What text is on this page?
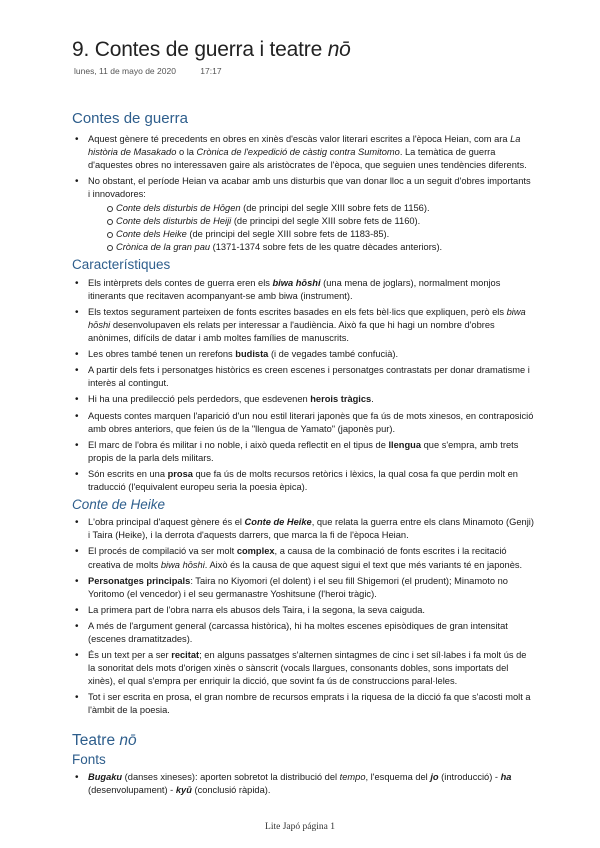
9. Contes de guerra i teatre nō
lunes, 11 de mayo de 2020	17:17
Contes de guerra
• Aquest gènere té precedents en obres en xinès d'escàs valor literari escrites a l'època Heian, com ara La història de Masakado o la Crònica de l'expedició de càstig contra Sumitomo. La temàtica de guerra d'aquestes obres no interessaven gaire als aristòcrates de l'època, que seguien unes tendències diferents.
• No obstant, el període Heian va acabar amb uns disturbis que van donar lloc a un seguit d'obres importants i innovadores:
Conte dels disturbis de Hōgen (de principi del segle XIII sobre fets de 1156).
Conte dels disturbis de Heiji (de principi del segle XIII sobre fets de 1160).
Conte dels Heike (de principi del segle XIII sobre fets de 1183-85).
Crònica de la gran pau (1371-1374 sobre fets de les quatre dècades anteriors).
Característiques
• Els intèrprets dels contes de guerra eren els biwa hōshi (una mena de joglars), normalment monjos itinerants que recitaven acompanyant-se amb biwa (instrument).
• Els textos segurament parteixen de fonts escrites basades en els fets bèl·lics que expliquen, però els biwa hōshi desenvolupaven els relats per interessar a l'audiència. Això fa que hi hagi un nombre d'obres anònimes, difícils de datar i amb moltes famílies de manuscrits.
• Les obres també tenen un rerefons budista (i de vegades també confucià).
• A partir dels fets i personatges històrics es creen escenes i personatges contrastats per donar dramatisme i interès al contingut.
• Hi ha una predilecció pels perdedors, que esdevenen herois tràgics.
• Aquests contes marquen l'aparició d'un nou estil literari japonès que fa ús de mots xinesos, en contraposició amb obres anteriors, que feien ús de la "llengua de Yamato" (japonès pur).
• El marc de l'obra és militar i no noble, i això queda reflectit en el tipus de llengua que s'empra, amb trets propis de la parla dels militars.
• Són escrits en una prosa que fa ús de molts recursos retòrics i lèxics, la qual cosa fa que perdin molt en traducció (l'equivalent europeu seria la poesia èpica).
Conte de Heike
• L'obra principal d'aquest gènere és el Conte de Heike, que relata la guerra entre els clans Minamoto (Genji) i Taira (Heike), i la derrota d'aquests darrers, que marca la fi de l'època Heian.
• El procés de compilació va ser molt complex, a causa de la combinació de fonts escrites i la recitació creativa de molts biwa hōshi. Això és la causa de que aquest sigui el text que més variants té en japonès.
• Personatges principals: Taira no Kiyomori (el dolent) i el seu fill Shigemori (el prudent); Minamoto no Yoritomo (el vencedor) i el seu germanastre Yoshitsune (l'heroi tràgic).
• La primera part de l'obra narra els abusos dels Taira, i la segona, la seva caiguda.
• A més de l'argument general (carcassa històrica), hi ha moltes escenes episòdiques de gran intensitat (escenes dramatitzades).
• És un text per a ser recitat; en alguns passatges s'alternen sintagmes de cinc i set síl·labes i fa molt ús de la sonoritat dels mots d'origen xinès o sànscrit (vocals llargues, consonants dobles, sons importats del xinès), el qual s'empra per enriquir la dicció, que sovint fa ús de construccions paral·leles.
• Tot i ser escrita en prosa, el gran nombre de recursos emprats i la riquesa de la dicció fa que s'acosti molt a l'àmbit de la poesia.
Teatre nō
Fonts
• Bugaku (danses xineses): aporten sobretot la distribució del tempo, l'esquema del jo (introducció) - ha (desenvolupament) - kyū (conclusió ràpida).
Lite Japó página 1
